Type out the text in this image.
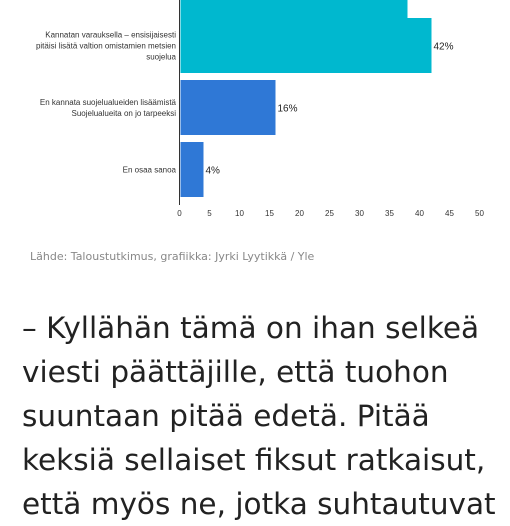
42%
Kannatan varauksella – ensisijaisesti
pitäisi lisätä valtion omistamien metsien
suojelua
16%
En kannata suojelualueiden lisäämistä
Suojelualueita on jo tarpeeksi
4%
En osaa sanoa
0	5	10	15	20	25	30	35	40	45	50
Lähde: Taloustutkimus, grafiikka: Jyrki Lyytikkä / Yle

– Kyllähän tämä on ihan selkeä viesti päättäjille, että tuohon suuntaan pitää edetä. Pitää keksiä sellaiset fiksut ratkaisut, että myös ne, jotka suhtautuvat
